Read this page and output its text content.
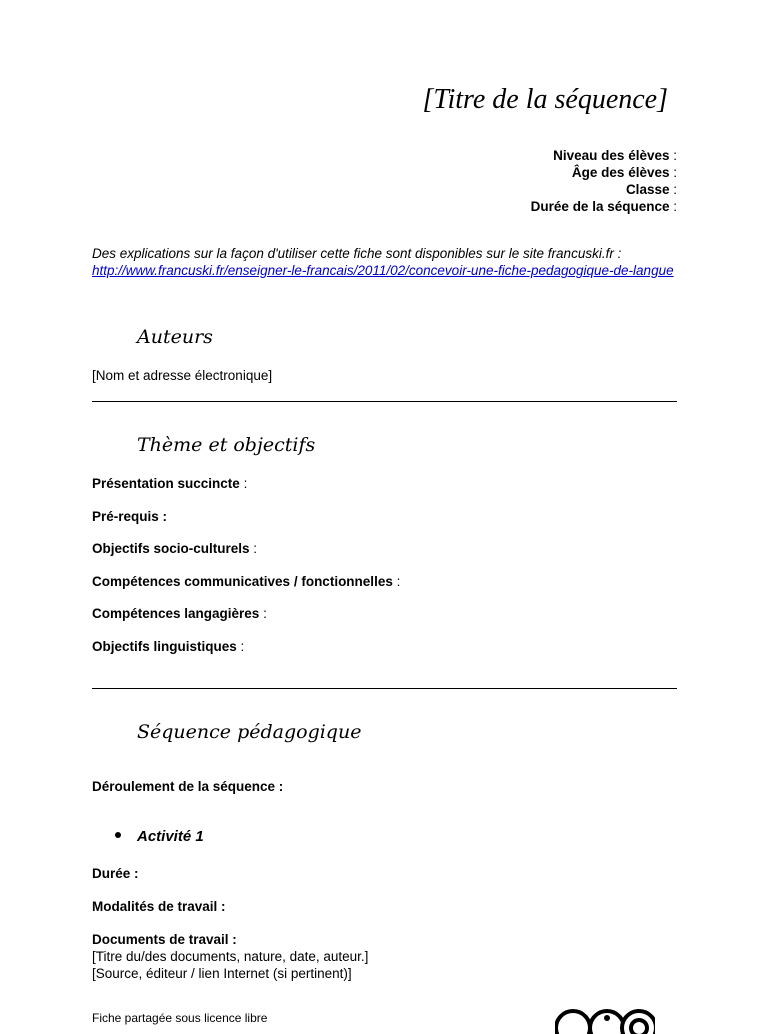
[Titre de la séquence]
Niveau des élèves :
Âge des élèves :
Classe :
Durée de la séquence :
Des explications sur la façon d'utiliser cette fiche sont disponibles sur le site francuski.fr :
http://www.francuski.fr/enseigner-le-francais/2011/02/concevoir-une-fiche-pedagogique-de-langue
Auteurs
[Nom et adresse électronique]
Thème et objectifs
Présentation succincte :
Pré-requis :
Objectifs socio-culturels :
Compétences communicatives / fonctionnelles :
Compétences langagières :
Objectifs linguistiques :
Séquence pédagogique
Déroulement de la séquence :
Activité 1
Durée :
Modalités de travail :
Documents de travail :
[Titre du/des documents, nature, date, auteur.]
[Source, éditeur / lien Internet (si pertinent)]
Fiche partagée sous licence libre
